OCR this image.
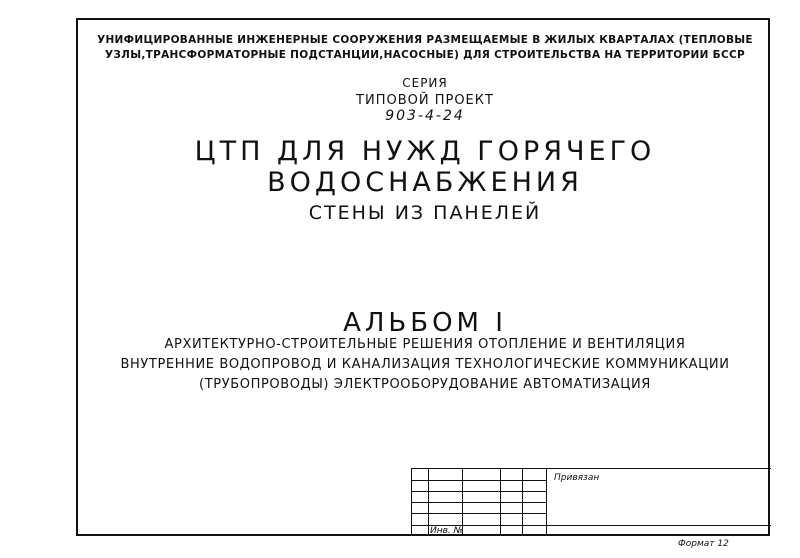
УНИФИЦИРОВАННЫЕ ИНЖЕНЕРНЫЕ СООРУЖЕНИЯ РАЗМЕЩАЕМЫЕ В ЖИЛЫХ КВАРТАЛАХ (ТЕПЛОВЫЕ
УЗЛЫ,ТРАНСФОРМАТОРНЫЕ ПОДСТАНЦИИ,НАСОСНЫЕ) ДЛЯ СТРОИТЕЛЬСТВА НА ТЕРРИТОРИИ БССР
СЕРИЯ
ТИПОВОЙ ПРОЕКТ
903-4-24
ЦТП ДЛЯ НУЖД ГОРЯЧЕГО
ВОДОСНАБЖЕНИЯ
СТЕНЫ ИЗ ПАНЕЛЕЙ
АЛЬБОМ I
АРХИТЕКТУРНО-СТРОИТЕЛЬНЫЕ РЕШЕНИЯ ОТОПЛЕНИЕ И ВЕНТИЛЯЦИЯ
ВНУТРЕННИЕ ВОДОПРОВОД И КАНАЛИЗАЦИЯ ТЕХНОЛОГИЧЕСКИЕ КОММУНИКАЦИИ
(ТРУБОПРОВОДЫ) ЭЛЕКТРООБОРУДОВАНИЕ АВТОМАТИЗАЦИЯ
Привязан
Инв. №
Формат 12
